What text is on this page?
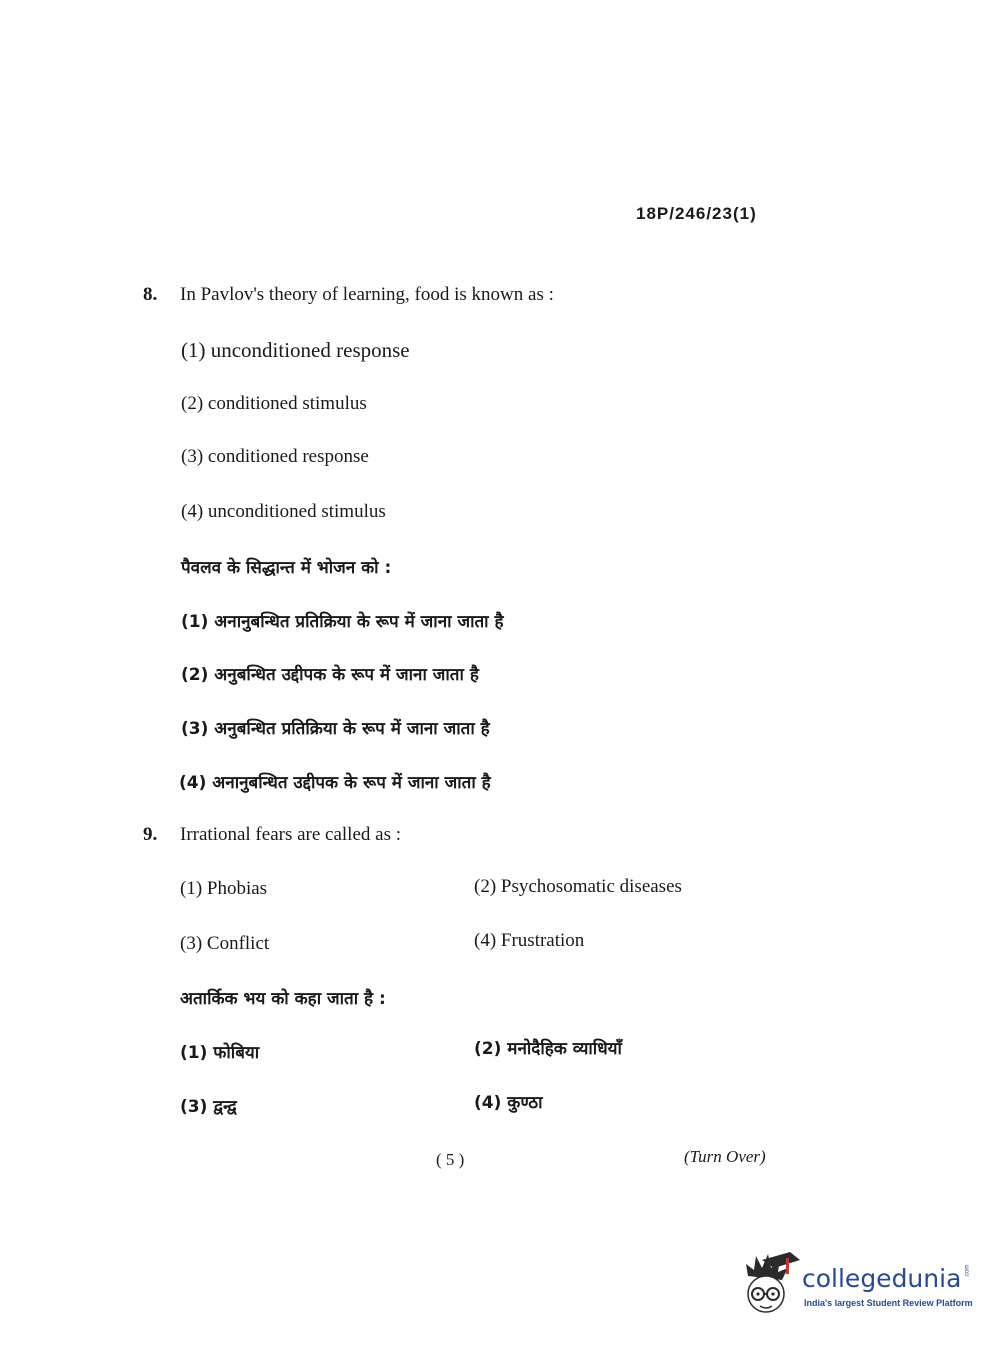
18P/246/23(1)
8. In Pavlov's theory of learning, food is known as :
(1) unconditioned response
(2) conditioned stimulus
(3) conditioned response
(4) unconditioned stimulus
पैवलव के सिद्धान्त में भोजन को :
(1) अनानुबन्धित प्रतिक्रिया के रूप में जाना जाता है
(2) अनुबन्धित उद्दीपक के रूप में जाना जाता है
(3) अनुबन्धित प्रतिक्रिया के रूप में जाना जाता है
(4) अनानुबन्धित उद्दीपक के रूप में जाना जाता है
9. Irrational fears are called as :
(1) Phobias	(2) Psychosomatic diseases
(3) Conflict	(4) Frustration
अतार्किक भय को कहा जाता है :
(1) फोबिया	(2) मनोदैहिक व्याधियाँ
(3) द्वन्द्व	(4) कुण्ठा
( 5 )	(Turn Over)
collegedunia .com
India's largest Student Review Platform
